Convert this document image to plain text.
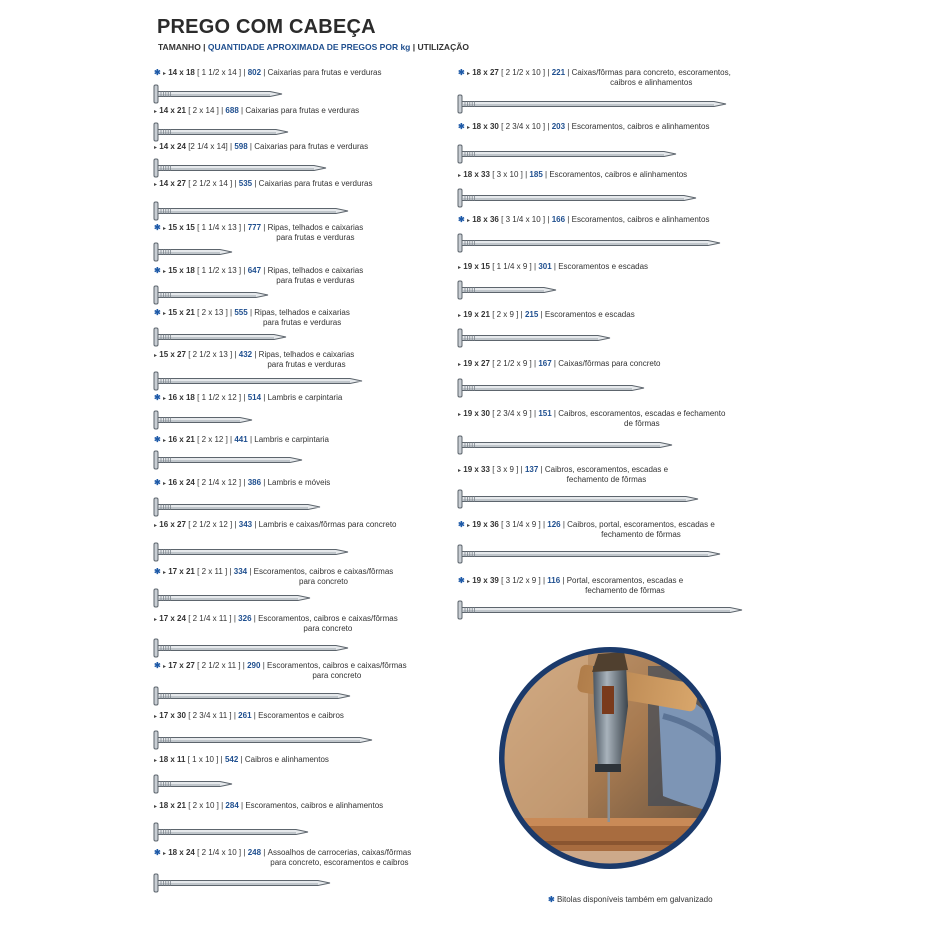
PREGO COM CABEÇA
TAMANHO | QUANTIDADE APROXIMADA DE PREGOS POR kg | UTILIZAÇÃO
✱ ▸ 14 x 18 [ 1 1/2 x 14 ] | 802 | Caixarias para frutas e verduras
▸ 14 x 21 [ 2 x 14 ] | 688 | Caixarias para frutas e verduras
▸ 14 x 24 [2 1/4 x 14] | 598 | Caixarias para frutas e verduras
▸ 14 x 27 [ 2 1/2 x 14 ] | 535 | Caixarias para frutas e verduras
✱ ▸ 15 x 15 [ 1 1/4 x 13 ] | 777 | Ripas, telhados e caixarias
para frutas e verduras
✱ ▸ 15 x 18 [ 1 1/2 x 13 ] | 647 | Ripas, telhados e caixarias
para frutas e verduras
✱ ▸ 15 x 21 [ 2 x 13 ] | 555 | Ripas, telhados e caixarias
para frutas e verduras
▸ 15 x 27 [ 2 1/2 x 13 ] | 432 | Ripas, telhados e caixarias
para frutas e verduras
✱ ▸ 16 x 18 [ 1 1/2 x 12 ] | 514 | Lambris e carpintaria
✱ ▸ 16 x 21 [ 2 x 12 ] | 441 | Lambris e carpintaria
✱ ▸ 16 x 24 [ 2 1/4 x 12 ] | 386 | Lambris e móveis
▸ 16 x 27 [ 2 1/2 x 12 ] | 343 | Lambris e caixas/fôrmas para concreto
✱ ▸ 17 x 21 [ 2 x 11 ] | 334 | Escoramentos, caibros e caixas/fôrmas
para concreto
▸ 17 x 24 [ 2 1/4 x 11 ] | 326 | Escoramentos, caibros e caixas/fôrmas
para concreto
✱ ▸ 17 x 27 [ 2 1/2 x 11 ] | 290 | Escoramentos, caibros e caixas/fôrmas
para concreto
▸ 17 x 30 [ 2 3/4 x 11 ] | 261 | Escoramentos e caibros
▸ 18 x 11 [ 1 x 10 ] | 542 | Caibros e alinhamentos
▸ 18 x 21 [ 2 x 10 ] | 284 | Escoramentos, caibros e alinhamentos
✱ ▸ 18 x 24 [ 2 1/4 x 10 ] | 248 | Assoalhos de carrocerias, caixas/fôrmas
para concreto, escoramentos e caibros
✱ ▸ 18 x 27 [ 2 1/2 x 10 ] | 221 | Caixas/fôrmas para concreto, escoramentos,
caibros e alinhamentos
✱ ▸ 18 x 30 [ 2 3/4 x 10 ] | 203 | Escoramentos, caibros e alinhamentos
▸ 18 x 33 [ 3 x 10 ] | 185 | Escoramentos, caibros e alinhamentos
✱ ▸ 18 x 36 [ 3 1/4 x 10 ] | 166 | Escoramentos, caibros e alinhamentos
▸ 19 x 15 [ 1 1/4 x 9 ] | 301 | Escoramentos e escadas
▸ 19 x 21 [ 2 x 9 ] | 215 | Escoramentos e escadas
▸ 19 x 27 [ 2 1/2 x 9 ] | 167 | Caixas/fôrmas para concreto
▸ 19 x 30 [ 2 3/4 x 9 ] | 151 | Caibros, escoramentos, escadas e fechamento
de fôrmas
▸ 19 x 33 [ 3 x 9 ] | 137 | Caibros, escoramentos, escadas e
fechamento de fôrmas
✱ ▸ 19 x 36 [ 3 1/4 x 9 ] | 126 | Caibros, portal, escoramentos, escadas e
fechamento de fôrmas
✱ ▸ 19 x 39 [ 3 1/2 x 9 ] | 116 | Portal, escoramentos, escadas e
fechamento de fôrmas
✱ Bitolas disponíveis também em galvanizado
